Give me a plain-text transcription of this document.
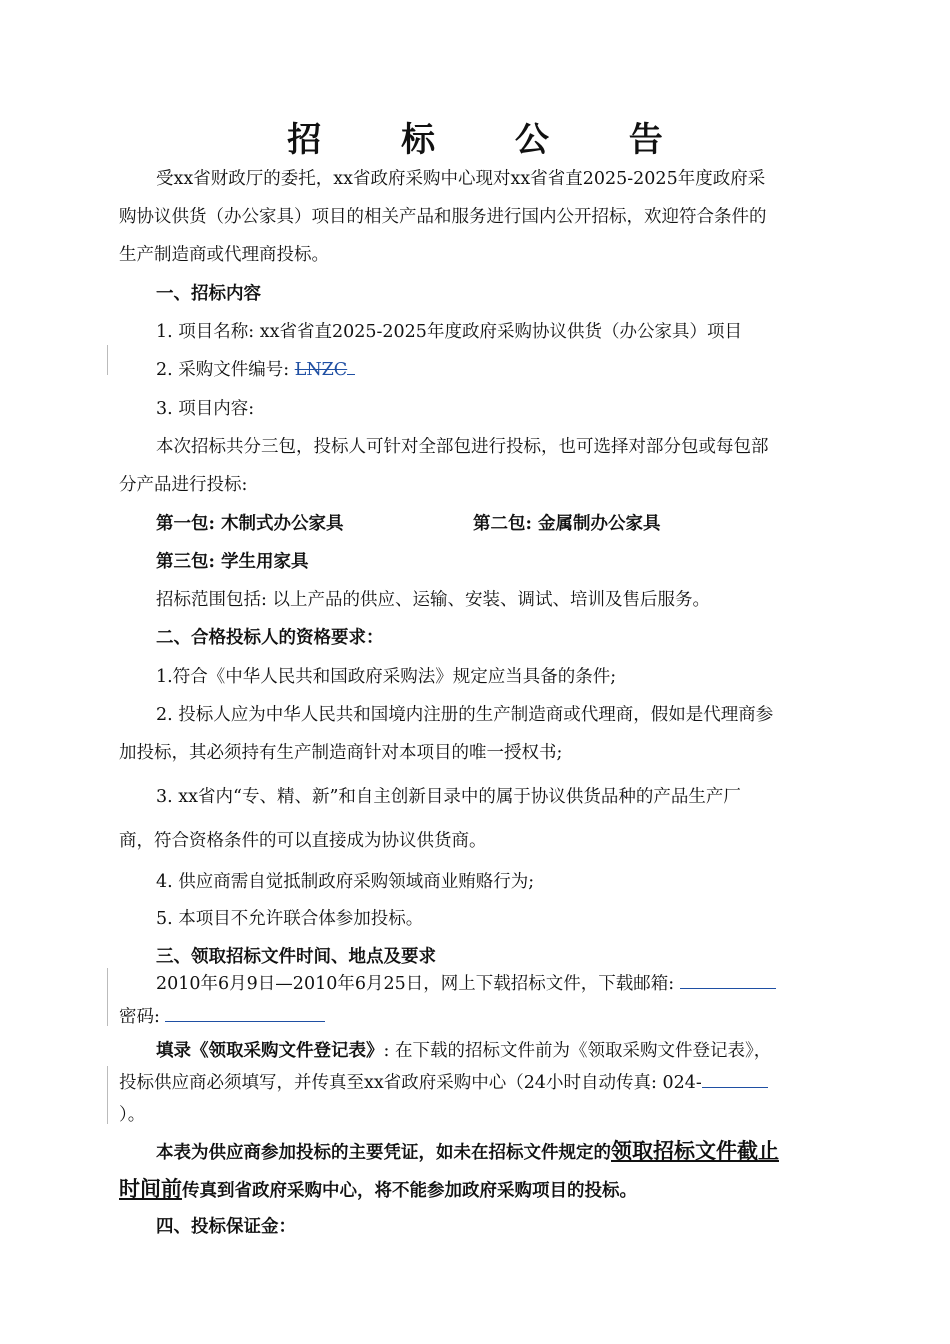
招 标 公 告
受xx省财政厅的委托，xx省政府采购中心现对xx省省直2025-2025年度政府采
购协议供货（办公家具）项目的相关产品和服务进行国内公开招标，欢迎符合条件的
生产制造商或代理商投标。
一、招标内容
1. 项目名称: xx省省直2025-2025年度政府采购协议供货（办公家具）项目
2. 采购文件编号: LNZC
3. 项目内容:
本次招标共分三包，投标人可针对全部包进行投标，也可选择对部分包或每包部
分产品进行投标:
第一包: 木制式办公家具	第二包: 金属制办公家具
第三包: 学生用家具
招标范围包括: 以上产品的供应、运输、安装、调试、培训及售后服务。
二、合格投标人的资格要求：
1.符合《中华人民共和国政府采购法》规定应当具备的条件;
2. 投标人应为中华人民共和国境内注册的生产制造商或代理商，假如是代理商参
加投标，其必须持有生产制造商针对本项目的唯一授权书;
3. xx省内“专、精、新”和自主创新目录中的属于协议供货品种的产品生产厂
商，符合资格条件的可以直接成为协议供货商。
4. 供应商需自觉抵制政府采购领域商业贿赂行为;
5. 本项目不允许联合体参加投标。
三、领取招标文件时间、地点及要求
2010年6月9日—2010年6月25日，网上下载招标文件，下载邮箱:
密码:
填录《领取采购文件登记表》: 在下载的招标文件前为《领取采购文件登记表》，
投标供应商必须填写，并传真至xx省政府采购中心（24小时自动传真: 024-
）。
本表为供应商参加投标的主要凭证，如未在招标文件规定的领取招标文件截止
时间前传真到省政府采购中心，将不能参加政府采购项目的投标。
四、投标保证金：
